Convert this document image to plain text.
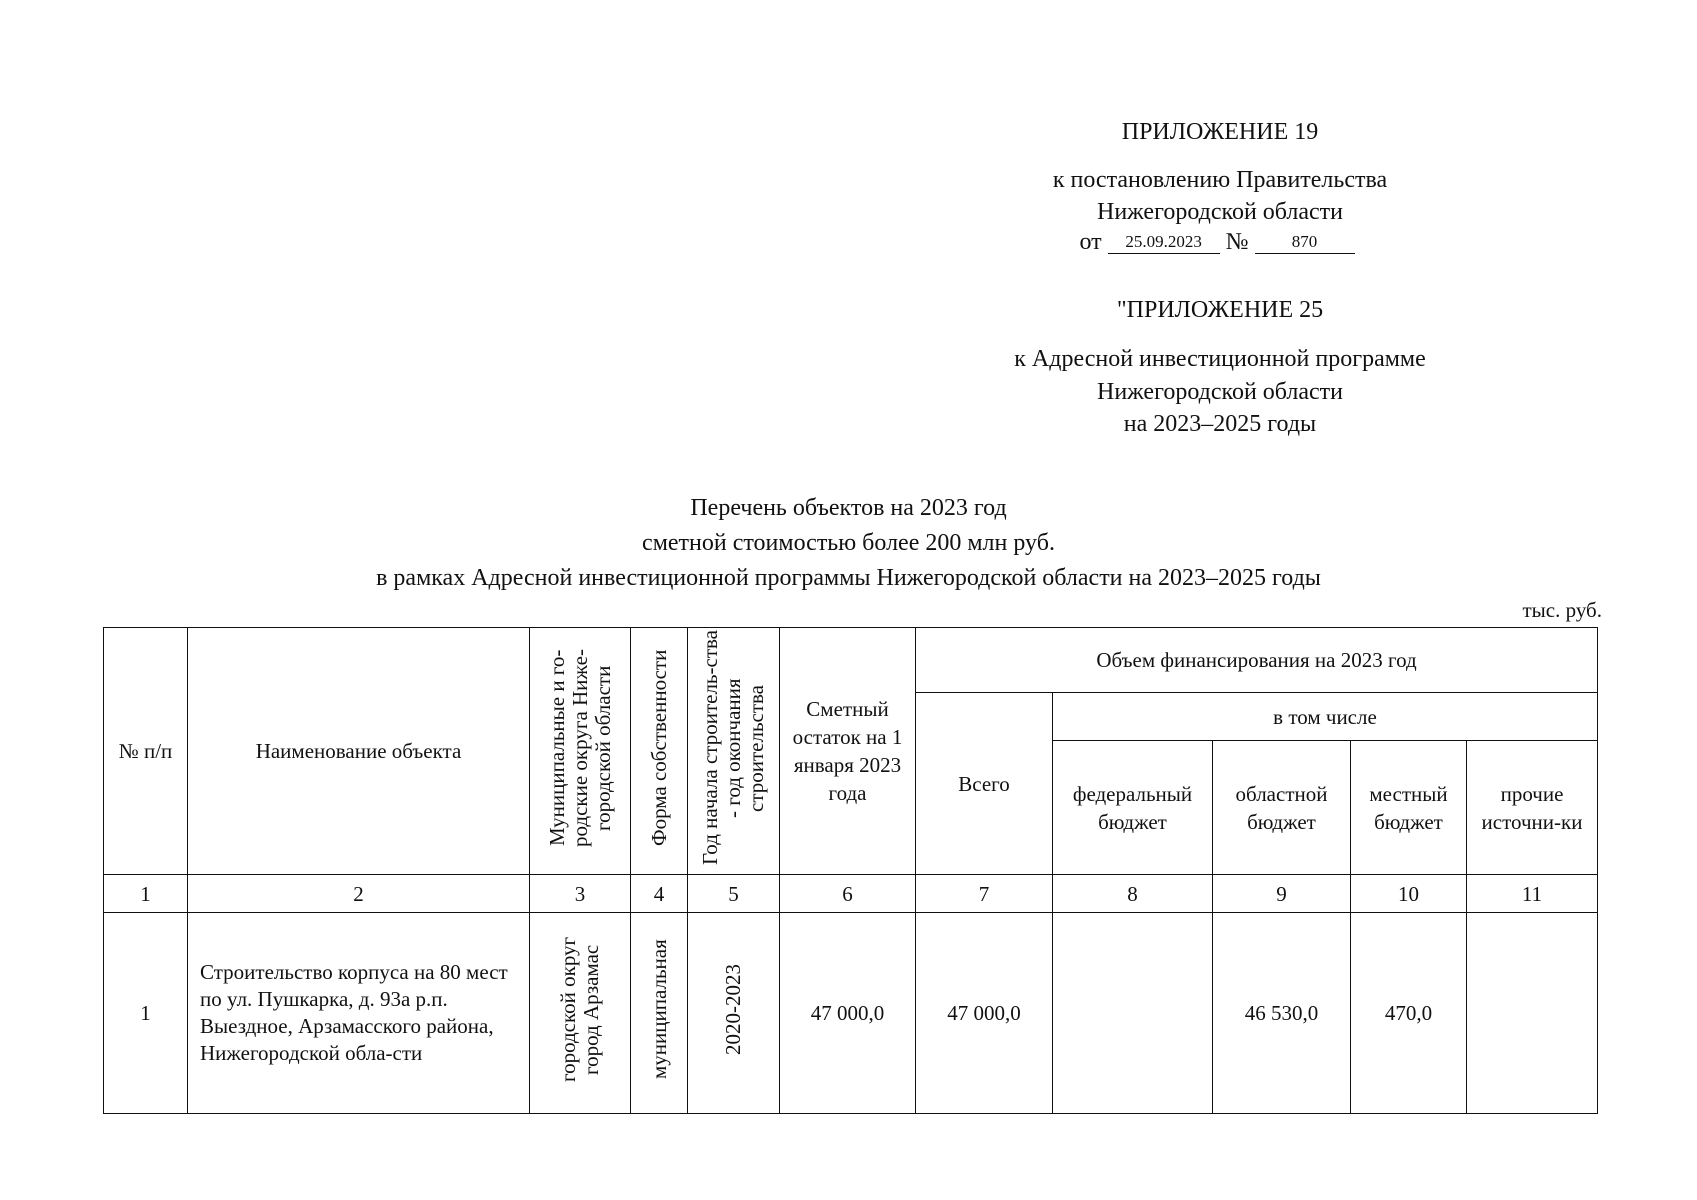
ПРИЛОЖЕНИЕ 19
к постановлению Правительства
Нижегородской области
от	25.09.2023 №	870
"ПРИЛОЖЕНИЕ 25
к Адресной инвестиционной программе
Нижегородской области
на 2023–2025 годы
Перечень объектов на 2023 год
сметной стоимостью более 200 млн руб.
в рамках Адресной инвестиционной программы Нижегородской области на 2023–2025 годы
тыс. руб.
№ п/п	Наименование объекта	Муниципальные и го-родские округа Ниже-городской области	Форма собственности	Год начала строитель-ства - год окончания строительства	Сметный остаток на 1 января 2023 года	Объем финансирования на 2023 год				
						Всего	в том числе			
							федеральный бюджет	областной бюджет	местный бюджет	прочие источни-ки
1	2	3	4	5	6	7	8	9	10	11
1	Строительство корпуса на 80 мест по ул. Пушкарка, д. 93а р.п. Выездное, Арзамасского района, Нижегородской обла-сти	городской округ город Арзамас	муниципальная	2020-2023	47 000,0	47 000,0		46 530,0	470,0	
